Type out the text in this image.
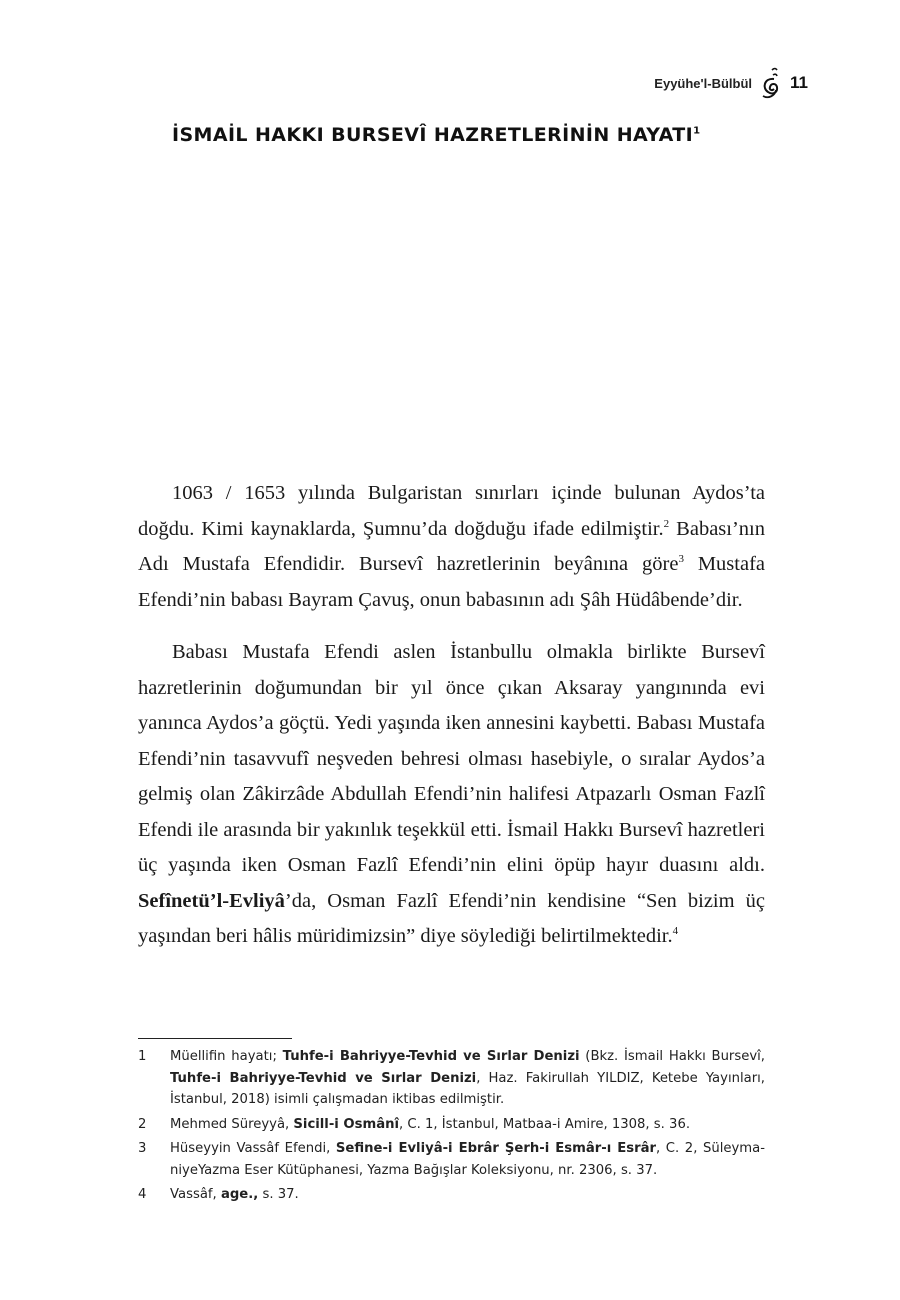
Eyyühe'l-Bülbül 11
İSMAİL HAKKI BURSEVÎ HAZRETLERİNİN HAYATI$^1$

1063 / 1653 yılında Bulgaristan sınırları içinde bulunan Aydos’ta doğdu. Kimi kaynaklarda, Şumnu’da doğduğu ifade edilmiştir.$^2$ Babası’nın Adı Mustafa Efendidir. Bursevî hazretlerinin beyânına göre$^3$ Mustafa Efendi’nin babası Bayram Çavuş, onun babasının adı Şâh Hüdâbende’dir.

Babası Mustafa Efendi aslen İstanbullu olmakla birlikte Bursevî hazretlerinin doğumundan bir yıl önce çıkan Aksaray yangınında evi yanınca Aydos’a göçtü. Yedi yaşında iken annesini kaybetti. Babası Mustafa Efendi’nin tasavvufî neşveden behresi olması hasebiyle, o sıralar Aydos’a gelmiş olan Zâkirzâde Abdullah Efendi’nin halifesi Atpazarlı Osman Fazlî Efendi ile arasında bir yakınlık teşekkül etti. İsmail Hakkı Bursevî hazretleri üç yaşında iken Osman Fazlî Efendi’nin elini öpüp hayır duasını aldı. Sefînetü’l-Evliyâ’da, Osman Fazlî Efendi’nin kendisine “Sen bizim üç yaşından beri hâlis müridimizsin” diye söylediği belirtilmektedir.$^4$

1	Müellifin hayatı; Tuhfe-i Bahriyye-Tevhid ve Sırlar Denizi (Bkz. İsmail Hakkı Bursevî, Tuhfe-i Bahriyye-Tevhid ve Sırlar Denizi, Haz. Fakirullah YILDIZ, Ketebe Yayınları, İstanbul, 2018) isimli çalışmadan iktibas edilmiştir.
2	Mehmed Süreyyâ, Sicill-i Osmânî, C. 1, İstanbul, Matbaa-i Amire, 1308, s. 36.
3	Hüseyyin Vassâf Efendi, Sefine-i Evliyâ-i Ebrâr Şerh-i Esmâr-ı Esrâr, C. 2, SüleymaniyeYazma Eser Kütüphanesi, Yazma Bağışlar Koleksiyonu, nr. 2306, s. 37.
4	Vassâf, age., s. 37.
